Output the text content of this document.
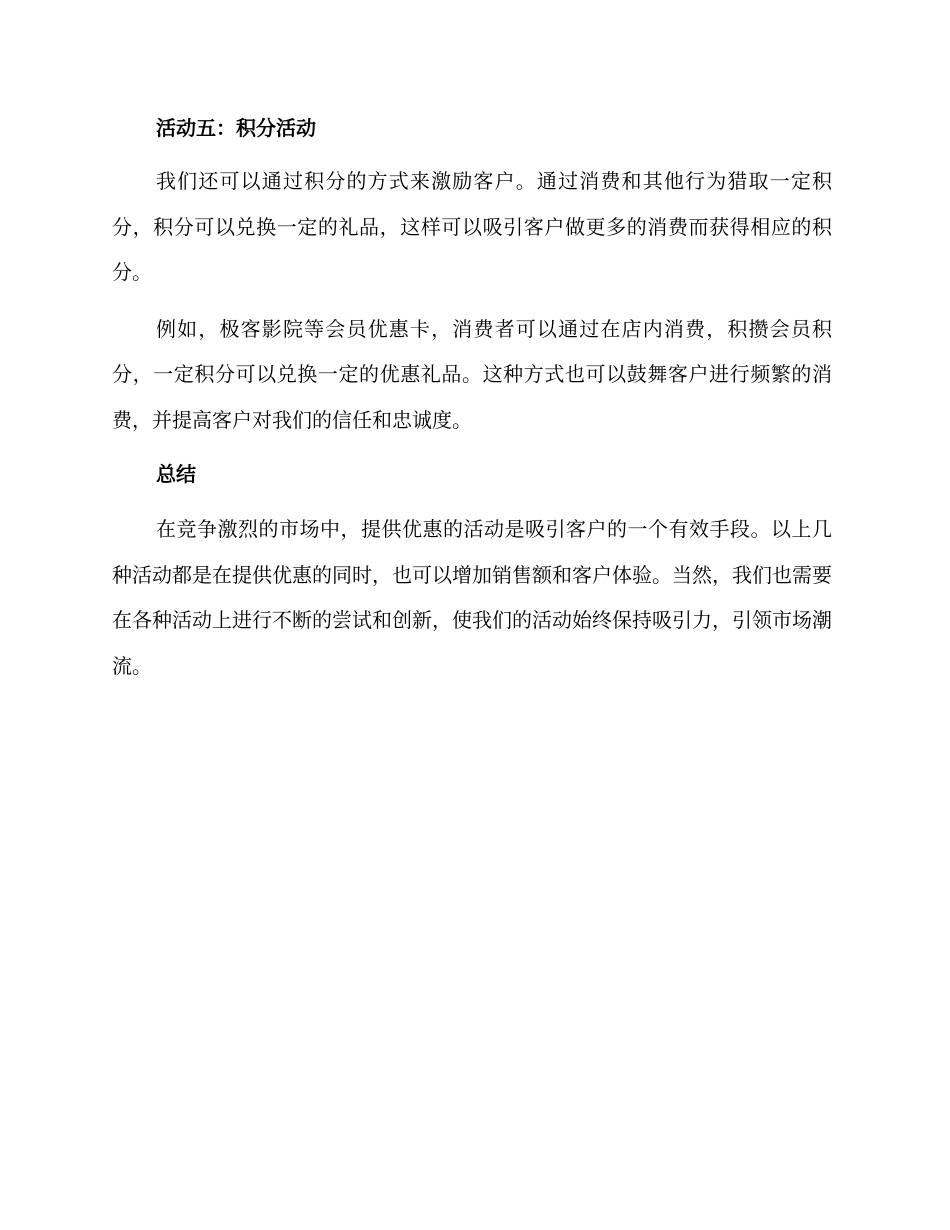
活动五：积分活动

我们还可以通过积分的方式来激励客户。通过消费和其他行为猎取一定积分，积分可以兑换一定的礼品，这样可以吸引客户做更多的消费而获得相应的积分。

例如，极客影院等会员优惠卡，消费者可以通过在店内消费，积攒会员积分，一定积分可以兑换一定的优惠礼品。这种方式也可以鼓舞客户进行频繁的消费，并提高客户对我们的信任和忠诚度。

总结

在竞争激烈的市场中，提供优惠的活动是吸引客户的一个有效手段。以上几种活动都是在提供优惠的同时，也可以增加销售额和客户体验。当然，我们也需要在各种活动上进行不断的尝试和创新，使我们的活动始终保持吸引力，引领市场潮流。
